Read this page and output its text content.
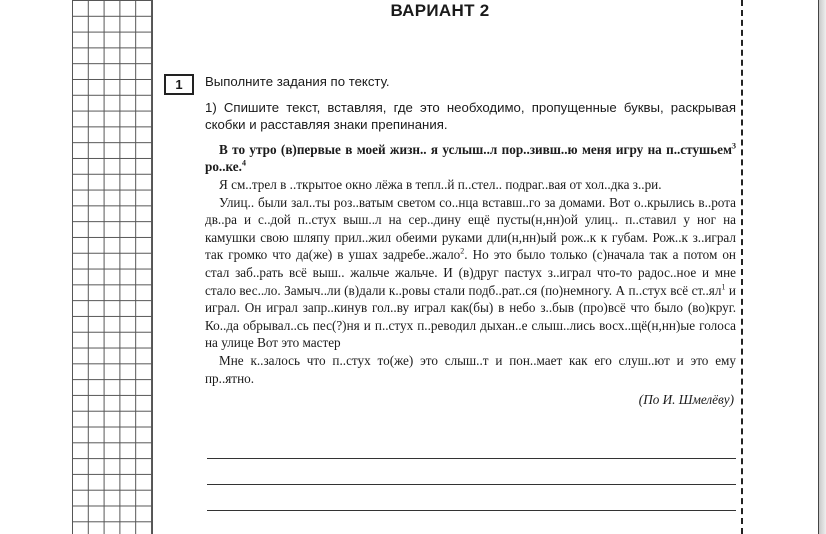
ВАРИАНТ 2
1	Выполните задания по тексту.

1) Спишите текст, вставляя, где это необходимо, пропущенные буквы, раскрывая скобки и расставляя знаки препинания.

В то утро (в)первые в моей жизн.. я услыш..л пор..зивш..ю меня игру на п..стушьем$^3$ ро..ке.$^4$

Я см..трел в ..ткрытое окно лёжа в тепл..й п..стел.. подраг..вая от хол..дка з..ри.

Улиц.. были зал..ты роз..ватым светом со..нца вставш..го за домами. Вот о..крылись в..рота дв..ра и с..дой п..стух выш..л на сер..дину ещё пусты(н,нн)ой улиц.. п..ставил у ног на камушки свою шляпу прил..жил обеими руками дли(н,нн)ый рож..к к губам. Рож..к з..играл так громко что да(же) в ушах задребе..жало$^2$. Но это было только (с)начала так а потом он стал заб..рать всё выш.. жальче жальче. И (в)друг пастух з..играл что-то радос..ное и мне стало вес..ло. Замыч..ли (в)дали к..ровы стали подб..рат..ся (по)немногу. А п..стух всё $ст..ял^1$ и играл. Он играл запр..кинув гол..ву играл как(бы) в небо з..быв (про)всё что было (во)круг. Ко..да обрывал..сь пес(?)ня и п..стух п..реводил дыхан..е слыш..лись восх..щё(н,нн)ые голоса на улице Вот это мастер

Мне к..залось что п..стух то(же) это слыш..т и пон..мает как его слуш..ют и это ему пр..ятно.

(По И. Шмелёву)
